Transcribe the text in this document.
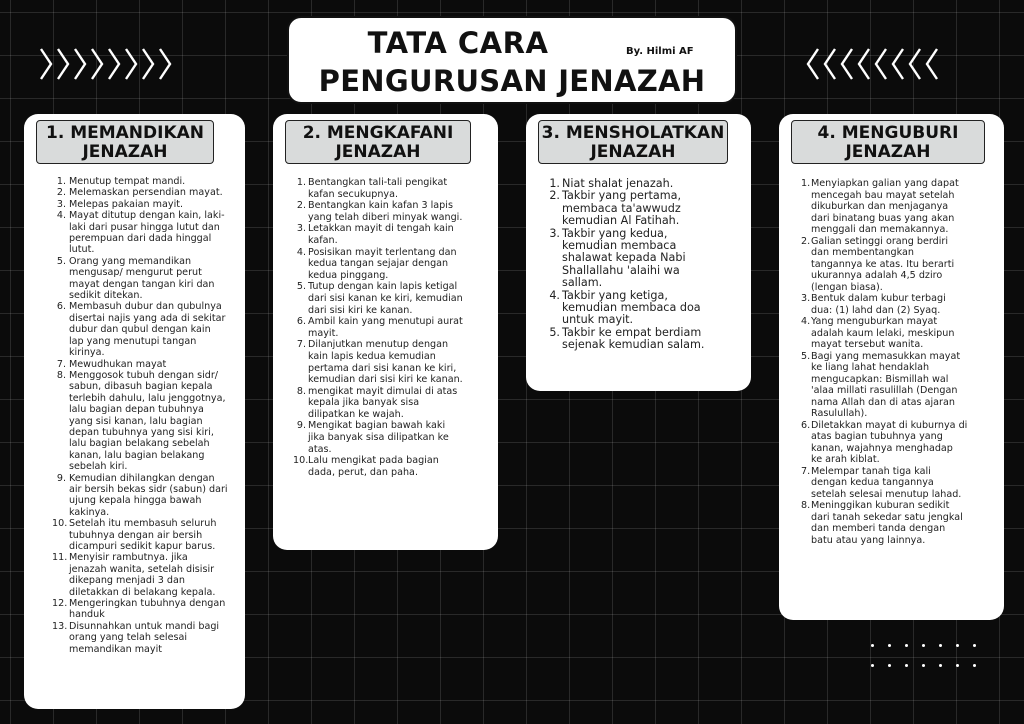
TATA CARA	By. Hilmi AF
PENGURUSAN JENAZAH
1. MEMANDIKAN
JENAZAH
1. Menutup tempat mandi.
2. Melemaskan persendian mayat.
3. Melepas pakaian mayit.
4. Mayat ditutup dengan kain, laki-
laki dari pusar hingga lutut dan
perempuan dari dada hinggal
lutut.
5. Orang yang memandikan
mengusap/ mengurut perut
mayat dengan tangan kiri dan
sedikit ditekan.
6. Membasuh dubur dan qubulnya
disertai najis yang ada di sekitar
dubur dan qubul dengan kain
lap yang menutupi tangan
kirinya.
7. Mewudhukan mayat
8. Menggosok tubuh dengan sidr/
sabun, dibasuh bagian kepala
terlebih dahulu, lalu jenggotnya,
lalu bagian depan tubuhnya
yang sisi kanan, lalu bagian
depan tubuhnya yang sisi kiri,
lalu bagian belakang sebelah
kanan, lalu bagian belakang
sebelah kiri.
9. Kemudian dihilangkan dengan
air bersih bekas sidr (sabun) dari
ujung kepala hingga bawah
kakinya.
10. Setelah itu membasuh seluruh
tubuhnya dengan air bersih
dicampuri sedikit kapur barus.
11. Menyisir rambutnya. jika
jenazah wanita, setelah disisir
dikepang menjadi 3 dan
diletakkan di belakang kepala.
12. Mengeringkan tubuhnya dengan
handuk
13. Disunnahkan untuk mandi bagi
orang yang telah selesai
memandikan mayit
2. MENGKAFANI
JENAZAH
1. Bentangkan tali-tali pengikat
kafan secukupnya.
2. Bentangkan kain kafan 3 lapis
yang telah diberi minyak wangi.
3. Letakkan mayit di tengah kain
kafan.
4. Posisikan mayit terlentang dan
kedua tangan sejajar dengan
kedua pinggang.
5. Tutup dengan kain lapis ketigal
dari sisi kanan ke kiri, kemudian
dari sisi kiri ke kanan.
6. Ambil kain yang menutupi aurat
mayit.
7. Dilanjutkan menutup dengan
kain lapis kedua kemudian
pertama dari sisi kanan ke kiri,
kemudian dari sisi kiri ke kanan.
8. mengikat mayit dimulai di atas
kepala jika banyak sisa
dilipatkan ke wajah.
9. Mengikat bagian bawah kaki
jika banyak sisa dilipatkan ke
atas.
10. Lalu mengikat pada bagian
dada, perut, dan paha.
3. MENSHOLATKAN
JENAZAH
1. Niat shalat jenazah.
2. Takbir yang pertama,
membaca ta'awwudz
kemudian Al Fatihah.
3. Takbir yang kedua,
kemudian membaca
shalawat kepada Nabi
Shallallahu 'alaihi wa
sallam.
4. Takbir yang ketiga,
kemudian membaca doa
untuk mayit.
5. Takbir ke empat berdiam
sejenak kemudian salam.
4. MENGUBURI
JENAZAH
1. Menyiapkan galian yang dapat
mencegah bau mayat setelah
dikuburkan dan menjaganya
dari binatang buas yang akan
menggali dan memakannya.
2. Galian setinggi orang berdiri
dan membentangkan
tangannya ke atas. Itu berarti
ukurannya adalah 4,5 dziro
(lengan biasa).
3. Bentuk dalam kubur terbagi
dua: (1) lahd dan (2) Syaq.
4. Yang menguburkan mayat
adalah kaum lelaki, meskipun
mayat tersebut wanita.
5. Bagi yang memasukkan mayat
ke liang lahat hendaklah
mengucapkan: Bismillah wal
'alaa millati rasulillah (Dengan
nama Allah dan di atas ajaran
Rasulullah).
6. Diletakkan mayat di kuburnya di
atas bagian tubuhnya yang
kanan, wajahnya menghadap
ke arah kiblat.
7. Melempar tanah tiga kali
dengan kedua tangannya
setelah selesai menutup lahad.
8. Meninggikan kuburan sedikit
dari tanah sekedar satu jengkal
dan memberi tanda dengan
batu atau yang lainnya.
